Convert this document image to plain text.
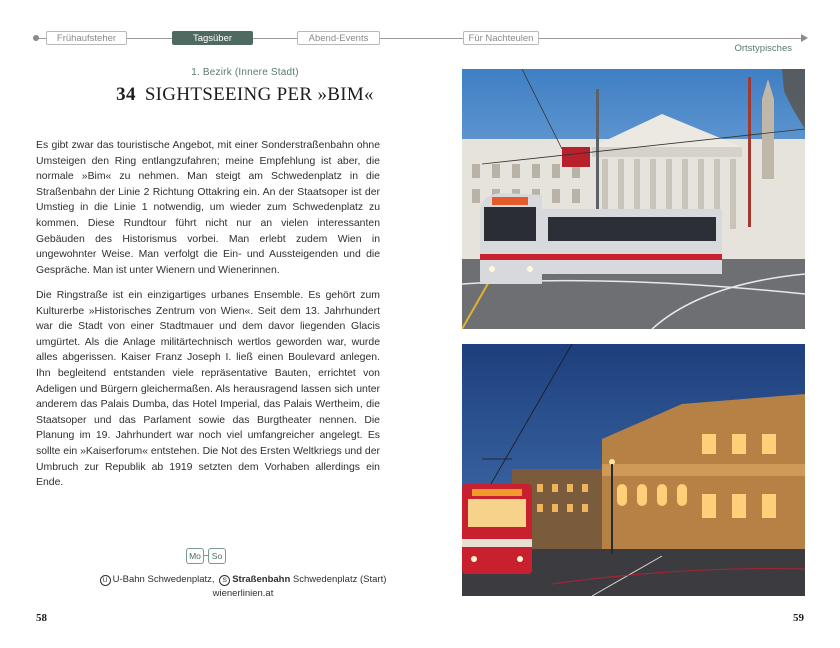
Frühaufsteher	Tagsüber	Abend-Events	Für Nachteulen
Ortstypisches
1. Bezirk (Innere Stadt)
34 SIGHTSEEING PER »BIM«

Es gibt zwar das touristische Angebot, mit einer Sonderstraßenbahn ohne Umsteigen den Ring entlangzufahren; meine Empfehlung ist aber, die normale »Bim« zu nehmen. Man steigt am Schwedenplatz in die Straßenbahn der Linie 2 Richtung Ottakring ein. An der Staatsoper ist der Umstieg in die Linie 1 notwendig, um wieder zum Schwedenplatz zu kommen. Diese Rundtour führt nicht nur an vielen interessanten Gebäuden des Historismus vorbei. Man erlebt zudem Wien in ungewohnter Weise. Man verfolgt die Ein- und Aussteigenden und die Gespräche. Man ist unter Wienern und Wienerinnen.

Die Ringstraße ist ein einzigartiges urbanes Ensemble. Es gehört zum Kulturerbe »Historisches Zentrum von Wien«. Seit dem 13. Jahrhundert war die Stadt von einer Stadtmauer und dem davor liegenden Glacis umgürtet. Als die Anlage militärtechnisch wertlos geworden war, wurde alles abgerissen. Kaiser Franz Joseph I. ließ einen Boulevard anlegen. Ihn begleitend entstanden viele repräsentative Bauten, errichtet von Adeligen und Bürgern gleichermaßen. Als herausragend lassen sich unter anderem das Palais Dumba, das Hotel Imperial, das Palais Wertheim, die Staatsoper und das Parlament sowie das Burgtheater nennen. Die Planung im 19. Jahrhundert war noch viel umfangreicher angelegt. Es sollte ein »Kaiserforum« entstehen. Die Not des Ersten Weltkriegs und der Umbruch zur Republik ab 1919 setzten dem Vorhaben allerdings ein Ende.

Mo	So
U U-Bahn Schwedenplatz, S Straßenbahn Schwedenplatz (Start)
wienerlinien.at
58	59
